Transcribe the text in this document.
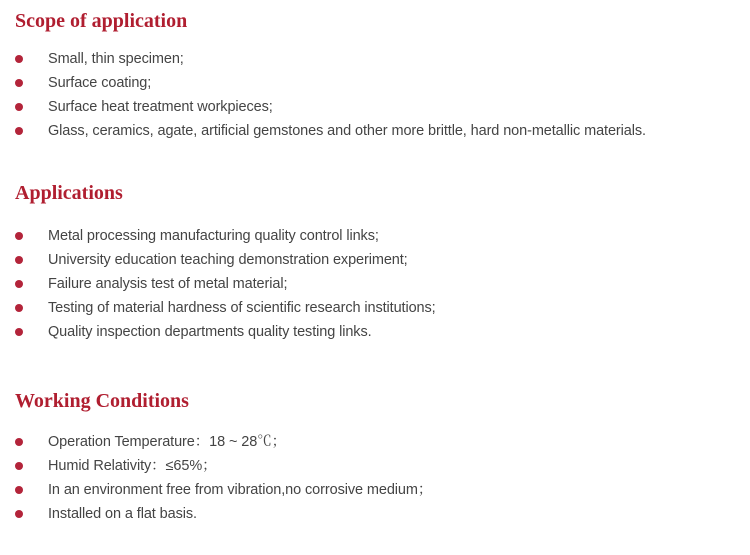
Scope of application
Small, thin specimen;
Surface coating;
Surface heat treatment workpieces;
Glass, ceramics, agate, artificial gemstones and other more brittle, hard non-metallic materials.
Applications
Metal processing manufacturing quality control links;
University education teaching demonstration experiment;
Failure analysis test of metal material;
Testing of material hardness of scientific research institutions;
Quality inspection departments quality testing links.
Working Conditions
Operation Temperature：18 ~ 28℃；
Humid Relativity：≤65%；
In an environment free from vibration,no corrosive medium；
Installed on a flat basis.
